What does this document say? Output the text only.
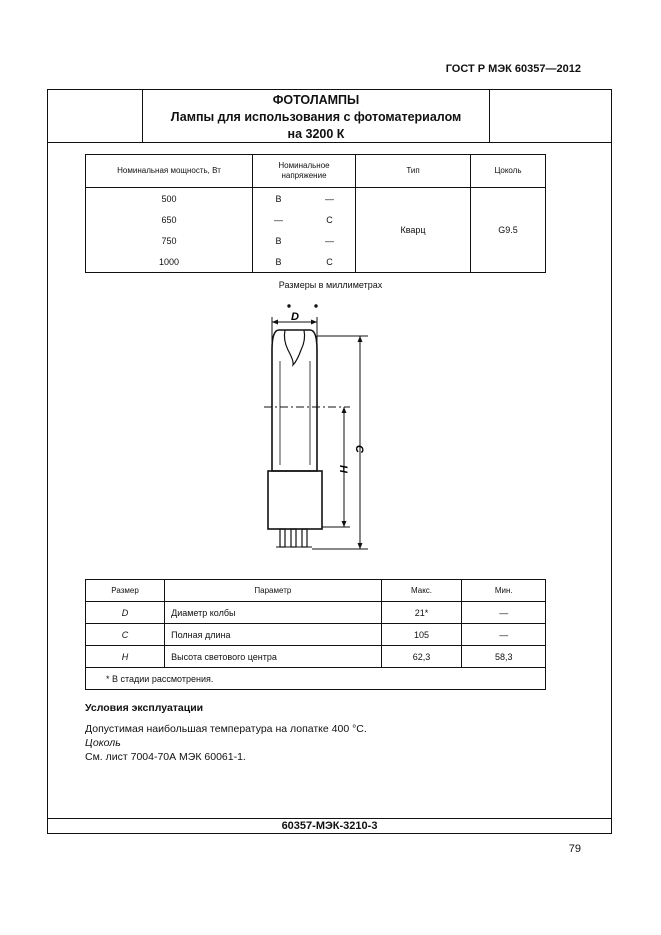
ГОСТ Р МЭК 60357—2012
ФОТОЛАМПЫ
Лампы для использования с фотоматериалом
на 3200 К
60357-МЭК-3210-3
Номинальная мощность, Вт	Номинальное напряжение		Тип	Цоколь
500	B	—	Кварц	G9.5
650	—	C		
750	B	—		
1000	B	C		
Размеры в миллиметрах
D
C
H
Размер	Параметр	Макс.	Мин.
D	Диаметр колбы	21*	—
C	Полная длина	105	—
H	Высота светового центра	62,3	58,3
* В стадии рассмотрения.			
Условия эксплуатации
Допустимая наибольшая температура на лопатке 400 °С.
Цоколь
См. лист 7004-70А МЭК 60061-1.
79
